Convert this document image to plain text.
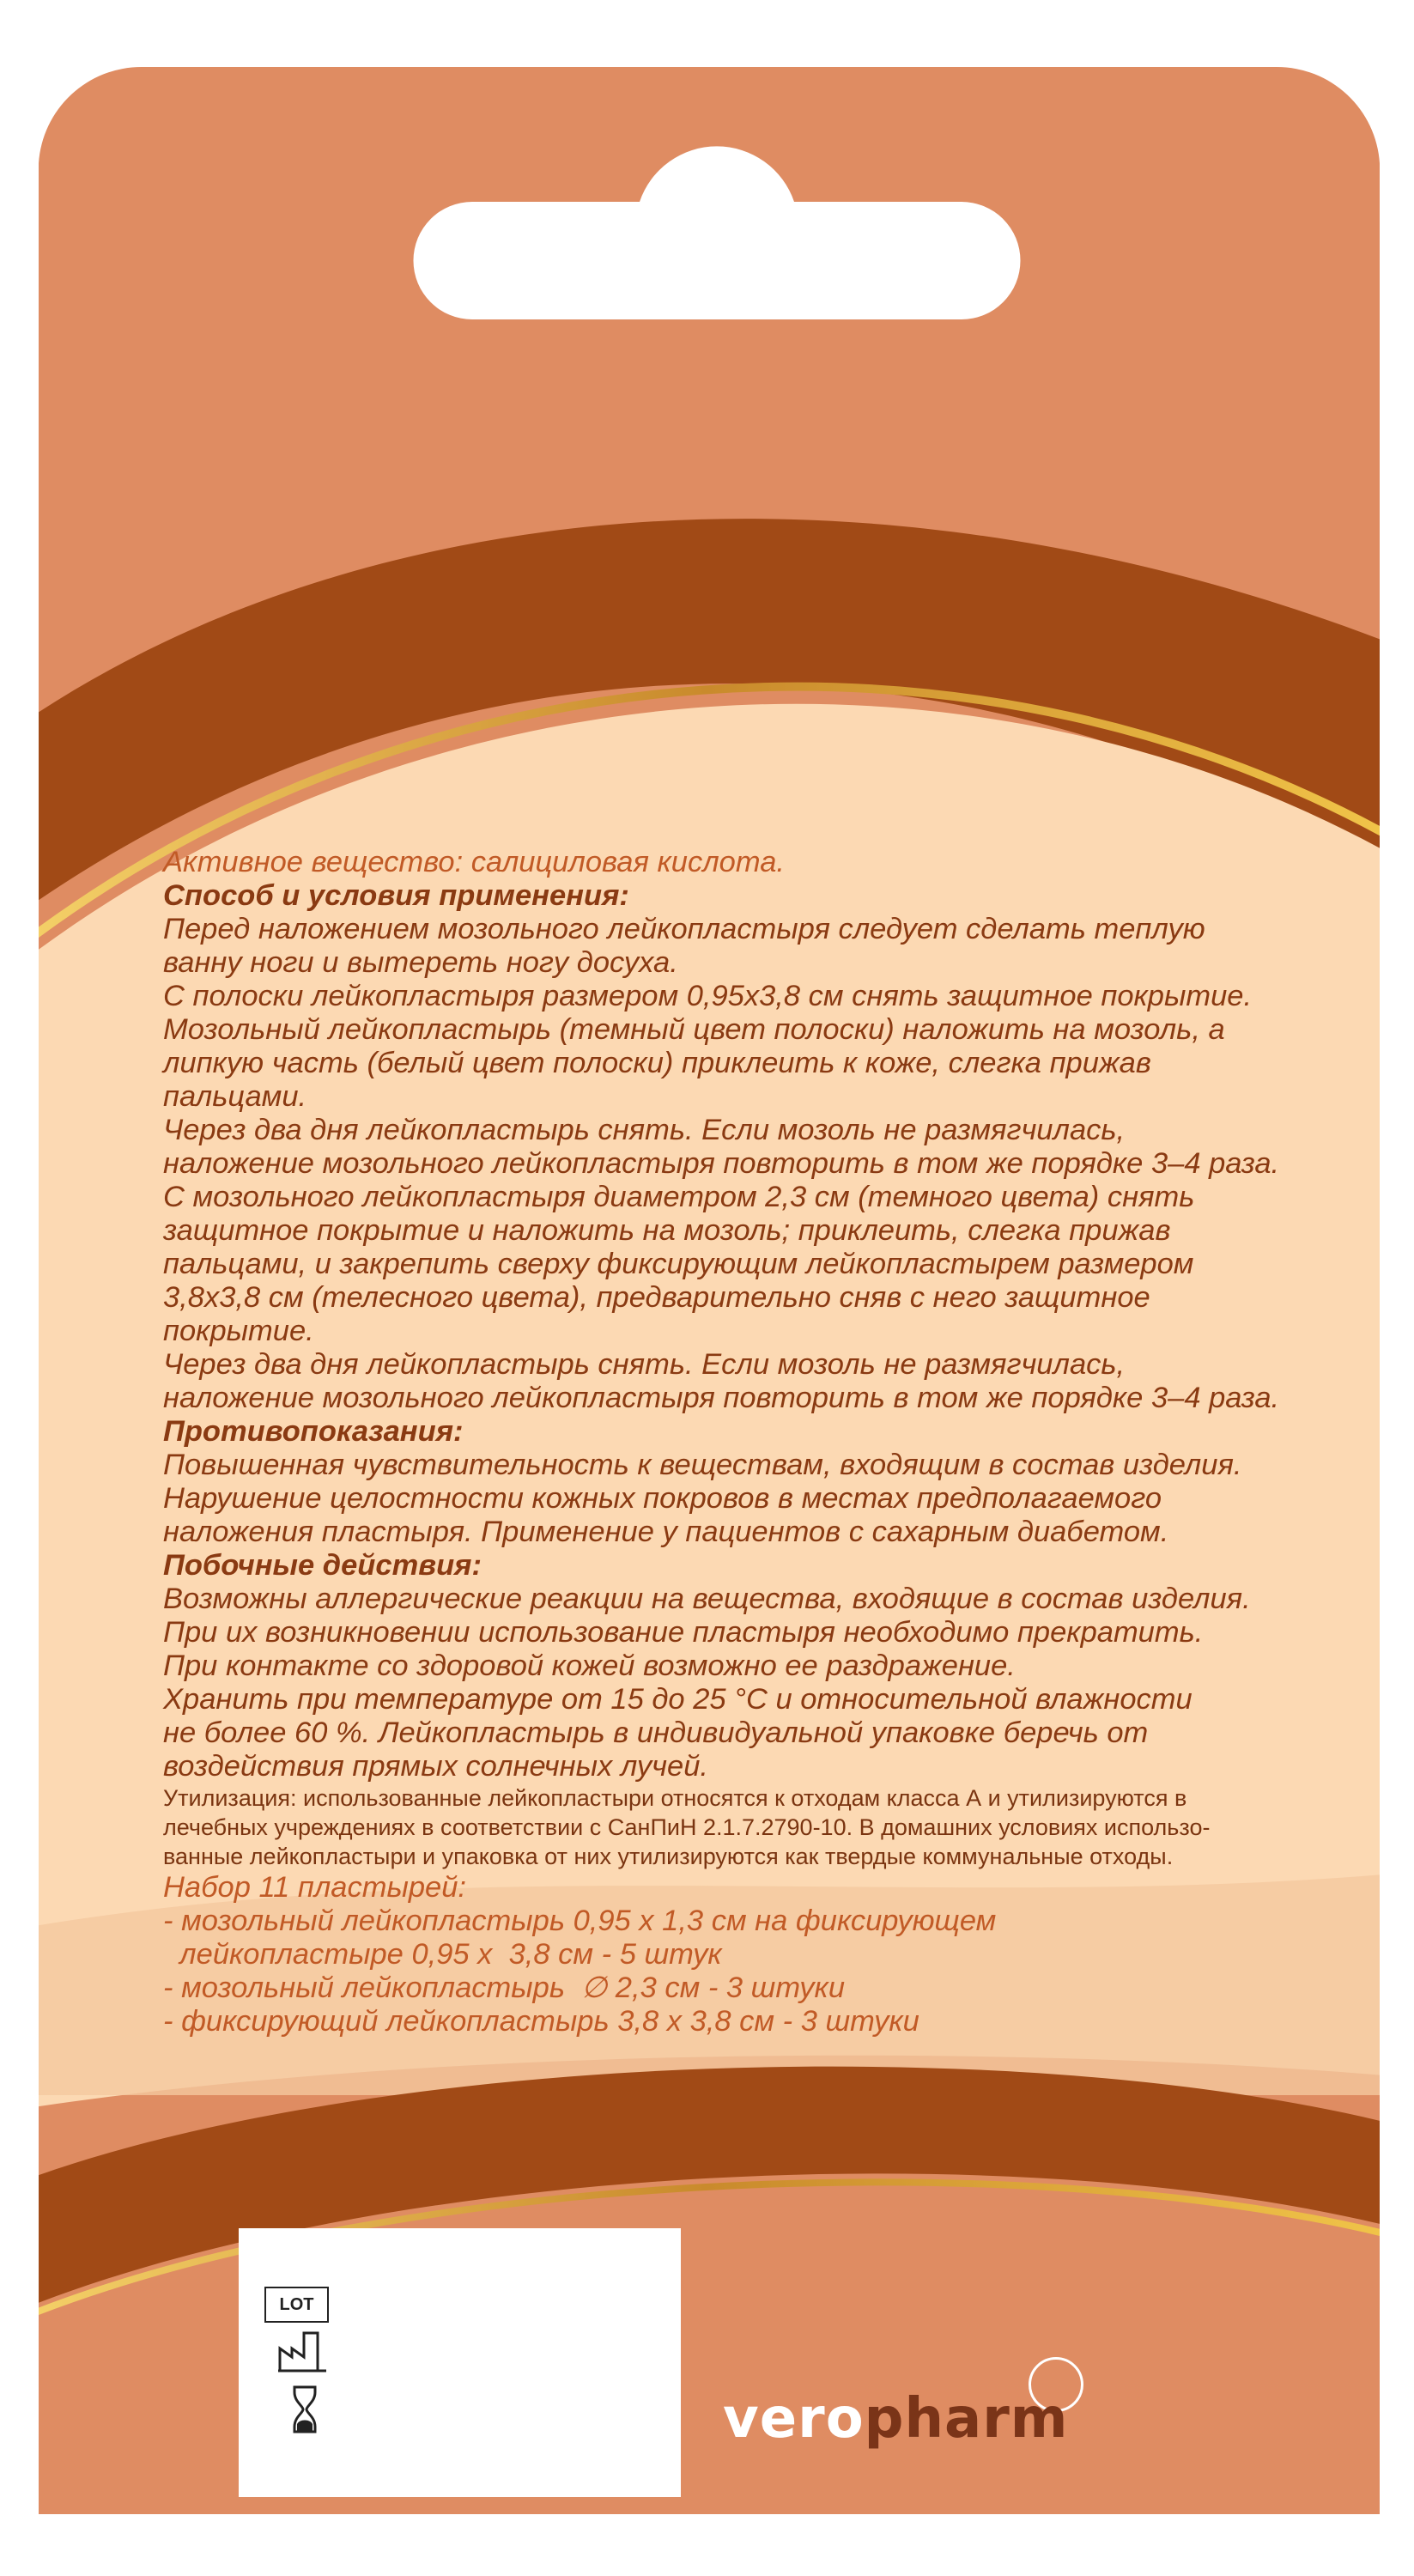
Активное вещество: салициловая кислота.
Способ и условия применения:
Перед наложением мозольного лейкопластыря следует сделать теплую
ванну ноги и вытереть ногу досуха.
С полоски лейкопластыря размером 0,95х3,8 см снять защитное покрытие.
Мозольный лейкопластырь (темный цвет полоски) наложить на мозоль, а
липкую часть (белый цвет полоски) приклеить к коже, слегка прижав
пальцами.
Через два дня лейкопластырь снять. Если мозоль не размягчилась,
наложение мозольного лейкопластыря повторить в том же порядке 3–4 раза.
С мозольного лейкопластыря диаметром 2,3 см (темного цвета) снять
защитное покрытие и наложить на мозоль; приклеить, слегка прижав
пальцами, и закрепить сверху фиксирующим лейкопластырем размером
3,8х3,8 см (телесного цвета), предварительно сняв с него защитное
покрытие.
Через два дня лейкопластырь снять. Если мозоль не размягчилась,
наложение мозольного лейкопластыря повторить в том же порядке 3–4 раза.
Противопоказания:
Повышенная чувствительность к веществам, входящим в состав изделия.
Нарушение целостности кожных покровов в местах предполагаемого
наложения пластыря. Применение у пациентов с сахарным диабетом.
Побочные действия:
Возможны аллергические реакции на вещества, входящие в состав изделия.
При их возникновении использование пластыря необходимо прекратить.
При контакте со здоровой кожей возможно ее раздражение.
Хранить при температуре от 15 до 25 °С и относительной влажности
не более 60 %. Лейкопластырь в индивидуальной упаковке беречь от
воздействия прямых солнечных лучей.
Утилизация: использованные лейкопластыри относятся к отходам класса А и утилизируются в
лечебных учреждениях в соответствии с СанПиН 2.1.7.2790-10. В домашних условиях использо-
ванные лейкопластыри и упаковка от них утилизируются как твердые коммунальные отходы.
Набор 11 пластырей:
- мозольный лейкопластырь 0,95 х 1,3 см на фиксирующем
лейкопластыре 0,95 х  3,8 см - 5 штук
- мозольный лейкопластырь  ∅ 2,3 см - 3 штуки
- фиксирующий лейкопластырь 3,8 х 3,8 см - 3 штуки
LOT
veropharm
